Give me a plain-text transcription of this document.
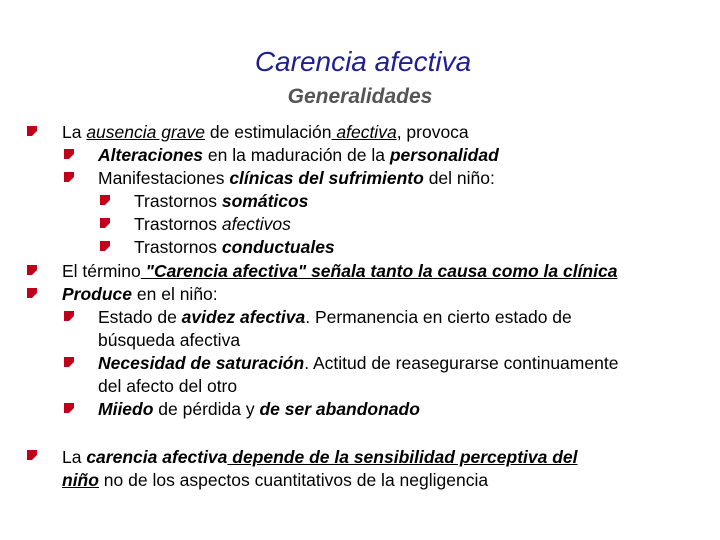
Carencia afectiva
Generalidades
La ausencia grave de estimulación afectiva, provoca
Alteraciones en la maduración de la personalidad
Manifestaciones clínicas del sufrimiento del niño:
Trastornos somáticos
Trastornos afectivos
Trastornos conductuales
El término "Carencia afectiva" señala tanto la causa como la clínica
Produce en el niño:
Estado de avidez afectiva. Permanencia en cierto estado de
búsqueda afectiva
Necesidad de saturación. Actitud de reasegurarse continuamente
del afecto del otro
Miiedo de pérdida y de ser abandonado
La carencia afectiva depende de la sensibilidad perceptiva del
niño no de los aspectos cuantitativos de la negligencia
